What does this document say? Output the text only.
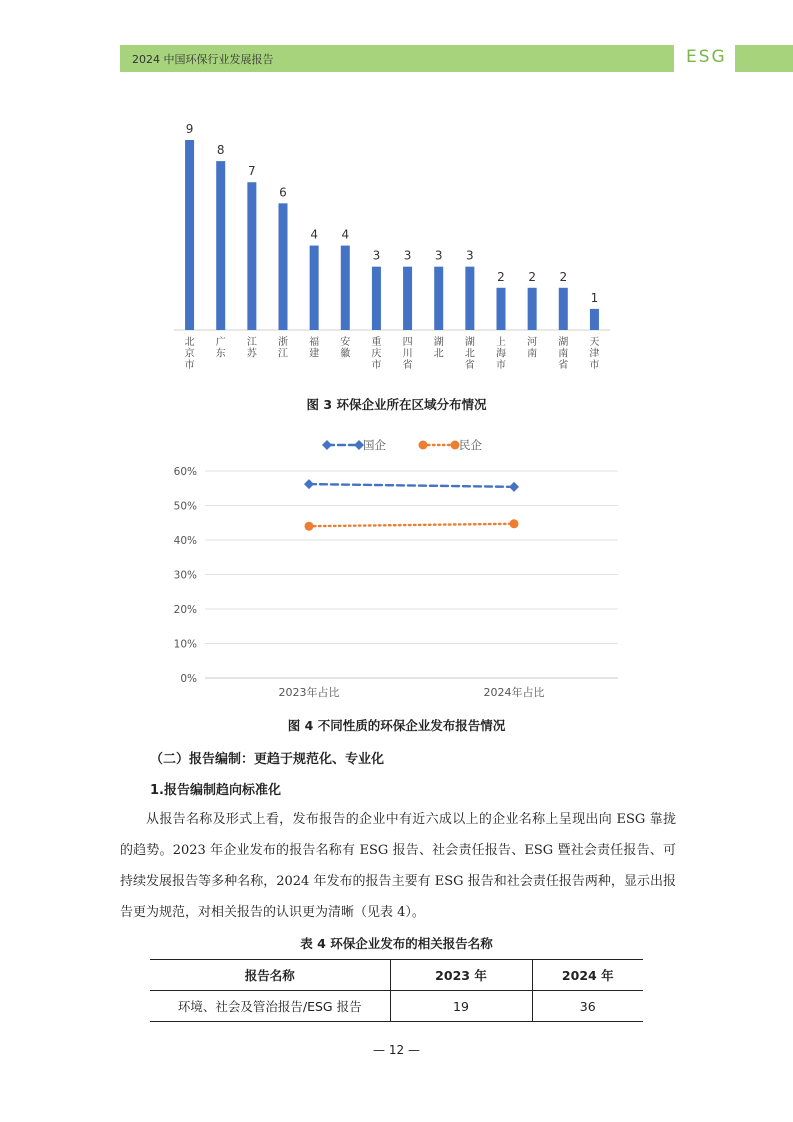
2024 中国环保行业发展报告	ESG
9
北京市
8
广东
7
江苏
6
浙江
4
福建
4
安徽
3
重庆市
3
四川省
3
湖北
3
湖北省
2
上海市
2
河南
2
湖南省
1
天津市
图 3 环保企业所在区域分布情况
0%
10%
20%
30%
40%
50%
60%
2023年占比	2024年占比
国企	民企
图 4 不同性质的环保企业发布报告情况
（二）报告编制：更趋于规范化、专业化
1.报告编制趋向标准化
从报告名称及形式上看，发布报告的企业中有近六成以上的企业名称上呈现出向 ESG 靠拢的趋势。2023 年企业发布的报告名称有 ESG 报告、社会责任报告、ESG 暨社会责任报告、可持续发展报告等多种名称，2024 年发布的报告主要有 ESG 报告和社会责任报告两种，显示出报告更为规范，对相关报告的认识更为清晰（见表 4）。
表 4 环保企业发布的相关报告名称
报告名称	2023 年	2024 年
环境、社会及管治报告/ESG 报告	19	36
— 12 —
